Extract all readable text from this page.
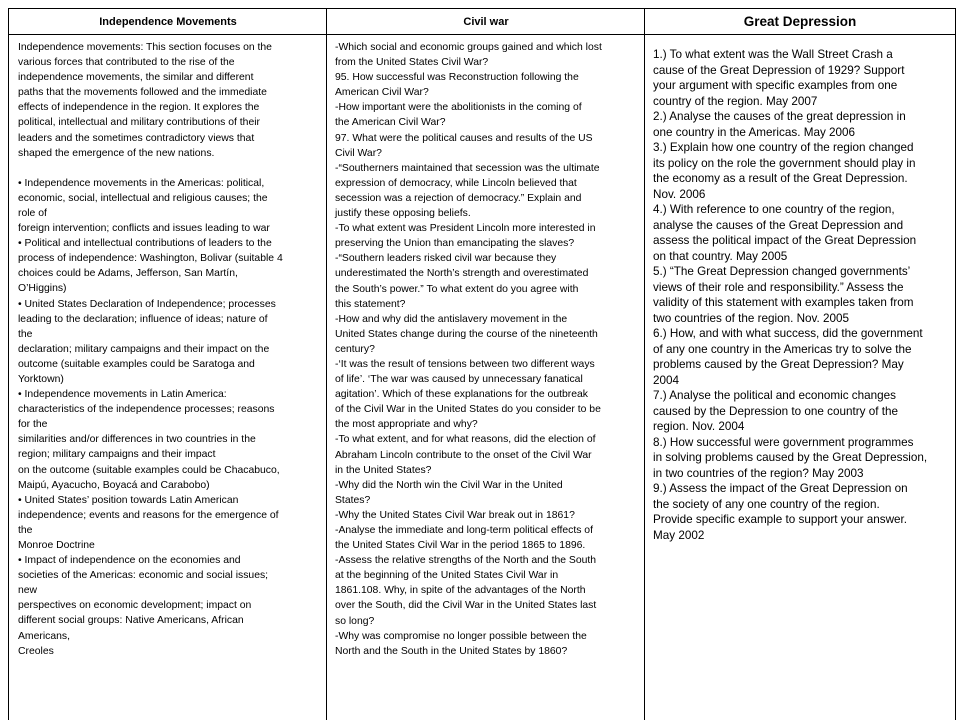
Independence Movements

Independence movements: This section focuses on the

various forces that contributed to the rise of the

independence movements, the similar and different

paths that the movements followed and the immediate

effects of independence in the region. It explores the

political, intellectual and military contributions of their

leaders and the sometimes contradictory views that

shaped the emergence of the new nations.

• Independence movements in the Americas: political,

economic, social, intellectual and religious causes; the

role of

foreign intervention; conflicts and issues leading to war

• Political and intellectual contributions of leaders to the

process of independence: Washington, Bolivar (suitable 4

choices could be Adams, Jefferson, San Martín,

O’Higgins)

• United States Declaration of Independence; processes

leading to the declaration; influence of ideas; nature of

the

declaration; military campaigns and their impact on the

outcome (suitable examples could be Saratoga and

Yorktown)

• Independence movements in Latin America:

characteristics of the independence processes; reasons

for the

similarities and/or differences in two countries in the

region; military campaigns and their impact

on the outcome (suitable examples could be Chacabuco,

Maipú, Ayacucho, Boyacá and Carabobo)

• United States’ position towards Latin American

independence; events and reasons for the emergence of

the

Monroe Doctrine

• Impact of independence on the economies and

societies of the Americas: economic and social issues;

new

perspectives on economic development; impact on

different social groups: Native Americans, African

Americans,

Creoles

Civil war

-Which social and economic groups gained and which lost

from the United States Civil War?

95. How successful was Reconstruction following the

American Civil War?

-How important were the abolitionists in the coming of

the American Civil War?

97. What were the political causes and results of the US

Civil War?

-“Southerners maintained that secession was the ultimate

expression of democracy, while Lincoln believed that

secession was a rejection of democracy.” Explain and

justify these opposing beliefs.

-To what extent was President Lincoln more interested in

preserving the Union than emancipating the slaves?

-“Southern leaders risked civil war because they

underestimated the North’s strength and overestimated

the South’s power.” To what extent do you agree with

this statement?

-How and why did the antislavery movement in the

United States change during the course of the nineteenth

century?

-‘It was the result of tensions between two different ways

of life’. ‘The war was caused by unnecessary fanatical

agitation’. Which of these explanations for the outbreak

of the Civil War in the United States do you consider to be

the most appropriate and why?

-To what extent, and for what reasons, did the election of

Abraham Lincoln contribute to the onset of the Civil War

in the United States?

-Why did the North win the Civil War in the United

States?

-Why the United States Civil War break out in 1861?

-Analyse the immediate and long-term political effects of

the United States Civil War in the period 1865 to 1896.

-Assess the relative strengths of the North and the South

at the beginning of the United States Civil War in

1861.108. Why, in spite of the advantages of the North

over the South, did the Civil War in the United States last

so long?

-Why was compromise no longer possible between the

North and the South in the United States by 1860?

Great Depression

1.) To what extent was the Wall Street Crash a

cause of the Great Depression of 1929? Support

your argument with specific examples from one

country of the region. May 2007

2.) Analyse the causes of the great depression in

one country in the Americas. May 2006

3.) Explain how one country of the region changed

its policy on the role the government should play in

the economy as a result of the Great Depression.

Nov. 2006

4.) With reference to one country of the region,

analyse the causes of the Great Depression and

assess the political impact of the Great Depression

on that country. May 2005

5.) “The Great Depression changed governments’

views of their role and responsibility.” Assess the

validity of this statement with examples taken from

two countries of the region. Nov. 2005

6.) How, and with what success, did the government

of any one country in the Americas try to solve the

problems caused by the Great Depression? May

2004

7.) Analyse the political and economic changes

caused by the Depression to one country of the

region. Nov. 2004

8.) How successful were government programmes

in solving problems caused by the Great Depression,

in two countries of the region? May 2003

9.) Assess the impact of the Great Depression on

the society of any one country of the region.

Provide specific example to support your answer.

May 2002
